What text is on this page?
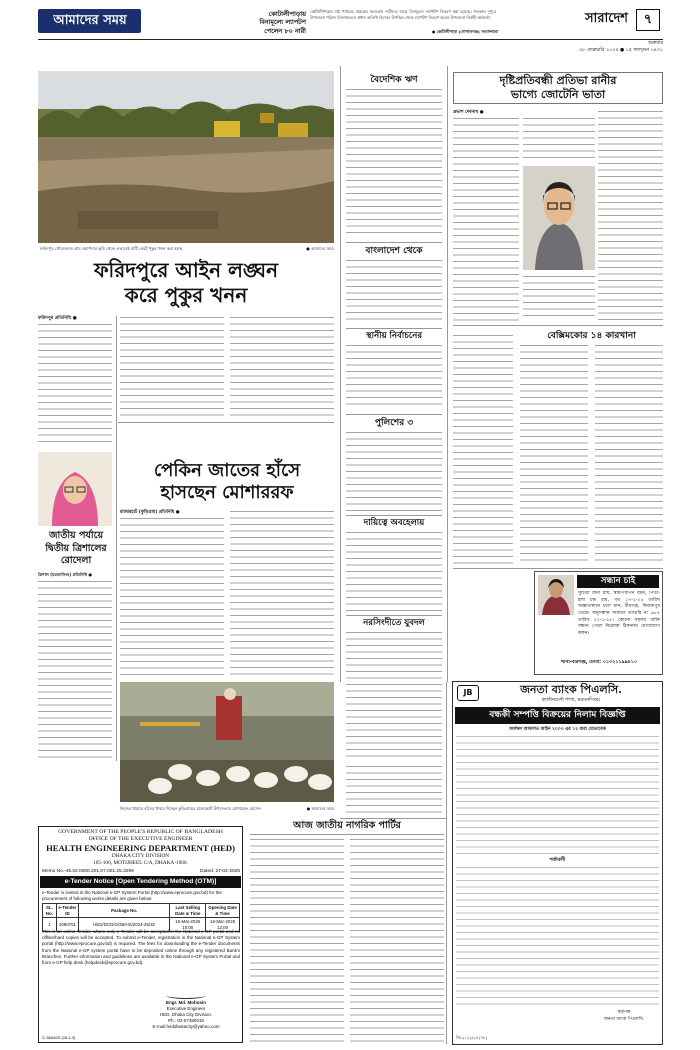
আমাদের সময়	কোটালীপাড়ায়
বিনামূল্যে ল্যাপটপ
পেলেন ৮০ নারী
কোটালীপাড়ায় মাঠ পর্যায়ের প্রকল্পের আওতায় নারীদের মাঝে বিনামূল্যে ল্যাপটপ বিতরণ করা হয়েছে। গতকাল দুপুরে উপজেলা পরিষদ মিলনায়তনে প্রধান অতিথি হিসেবে উপস্থিত থেকে ল্যাপটপ বিতরণ করেন উপজেলা নির্বাহী কর্মকর্তা।
● কোটালীপাড়া (গোপালগঞ্জ) সংবাদদাতা
সারাদেশ	৭
শুক্রবার
২৮ ফেব্রুয়ারি ২০২৫ ● ১৫ ফাল্গুন ১৪৩১
ফরিদপুর সৌরমতাজ গ্রাম ওয়াপদার ভূমি থেকে এভাবেই মাটি কেটে পুকুর খনন করা হচ্ছে	● আমাদের সময়
ফরিদপুরে আইন লঙ্ঘন
করে পুকুর খনন
ফরিদপুর প্রতিনিধি ●
জাতীয় পর্যায়ে
দ্বিতীয় ত্রিশালের
রোদেলা
ত্রিশাল (ময়মনসিংহ) প্রতিনিধি ●
পেকিন জাতের হাঁসে
হাসছেন মোশাররফ
রাজারহাট (কুড়িগ্রাম) প্রতিনিধি ●
নিজের খামারে হাঁসের খাবার দিচ্ছেন কুড়িগ্রামের রাজারহাট উপজেলার মোশাররফ হোসেন	● আমাদের সময়
বৈদেশিক ঋণ
বাংলাদেশ থেকে
স্থানীয় নির্বাচনের
পুলিশের ৩
দায়িত্বে অবহেলায়
নরসিংদীতে যুবদল
দৃষ্টিপ্রতিবন্ধী প্রতিভা রানীর
ভাগ্যে জোটেনি ভাতা
প্রভাশ দেবনাথ ●
বেক্সিমকোর ১৪ কারখানা
সন্ধান চাই
সুচিত্রা রানী রায়, স্বামী-বিপিন বর্মন, পিতা-হলা চন্দ্র রায়, গত ১৭-২-২৫ তারিখ অজ্ঞাতস্থানে চলে যান, বীরগঞ্জ, দিনাজপুর থেকে। অনুসন্ধান সাধারণ ডায়েরি নং ৯৮৫ তারিখ ২২-২-২৫। কোনো সহৃদয় ব্যক্তি সন্ধান পেলে নিম্নোক্ত ঠিকানায় যোগাযোগ করুন।
থানা-বীরগঞ্জ, মোবা: ০১৩২১১৯৯৮১০
আজ জাতীয় নাগরিক পার্টির
JB	জনতা ব্যাংক পিএলসি.
ক্যান্টনমেন্ট শাখা, ময়মনসিংহ।
বন্ধকী সম্পত্তি বিক্রয়ের নিলাম বিজ্ঞপ্তি
অর্থঋণ আদালত আইন ২০০৩ এর ১২ ধারা মোতাবেক
শর্তাবলী
কর্তৃপক্ষ
জনতা ব্যাংক পিএলসি.
জি-২০২২/২৫ (৭৮)
GOVERNMENT OF THE PEOPLE'S REPUBLIC OF BANGLADESH
OFFICE OF THE EXECUTIVE ENGINEER
HEALTH ENGINEERING DEPARTMENT (HED)
DHAKA CITY DIVISION
105-106, MOTIJHEEL C/A, DHAKA-1000.
Memo No.-45.02.0000.201.07.001.25.3299	Dated: 27-02-2025
e-Tender Notice [Open Tendering Method (OTM)]
e-Tender is invited in the National e-GP System Portal (http://www.eprocure.gov.bd) for the procurement of following works details are given below:
SL. No.	e-Tender ID	Package No.	Last Selling Date & Time	Opening Date & Time
1	1080751	HED/DCD/GOB/HS/2024-25/32	16-Mar-2025 10:00	16-Mar-2025 12:00
This is an online Tender, where only e-Tender will be accepted in the National e-GP portal and no offline/hard copies will be accepted. To submit e-Tender, registration in the National e-GP System portal (http://www.eprocure.gov.bd) is required. The fees for downloading the e-Tender documents from the National e-GP system portal have to be deposited online through any registered Bank's Branches. Further information and guidelines are available in the National e-GP System Portal and from e-GP help desk (helpdesk@eprocure.gov.bd).
Engr. Md. Mohosin
Executive Engineer
HED, Dhaka City Division.
Ph.: 02-57380018
E-mail:heddhakacity@yahoo.com
G-3684/25 (28-1-3)
